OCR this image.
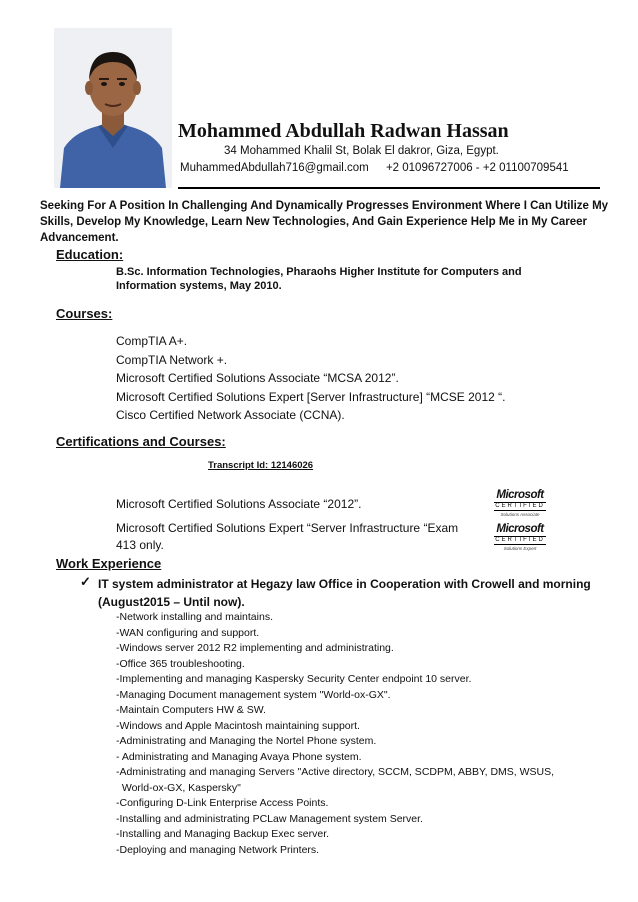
Mohammed Abdullah Radwan Hassan
34 Mohammed Khalil St, Bolak El dakror, Giza, Egypt.
MuhammedAbdullah716@gmail.com +2 01096727006 - +2 01100709541
Seeking For A Position In Challenging And Dynamically Progresses Environment Where I Can Utilize My Skills, Develop My Knowledge, Learn New Technologies, And Gain Experience Help Me in My Career Advancement.
Education:
B.Sc. Information Technologies, Pharaohs Higher Institute for Computers and Information systems, May 2010.
Courses:
CompTIA A+.
CompTIA Network +.
Microsoft Certified Solutions Associate “MCSA 2012”.
Microsoft Certified Solutions Expert [Server Infrastructure] “MCSE 2012 “.
Cisco Certified Network Associate (CCNA).
Certifications and Courses:
Transcript Id: 12146026
Microsoft Certified Solutions Associate “2012”.
Microsoft Certified Solutions Expert “Server Infrastructure “Exam 413 only.
Microsoft
CERTIFIED
Solutions Associate
Microsoft
CERTIFIED
Solutions Expert
Work Experience
✓ IT system administrator at Hegazy law Office in Cooperation with Crowell and morning (August2015 – Until now).
-Network installing and maintains.
-WAN configuring and support.
-Windows server 2012 R2 implementing and administrating.
-Office 365 troubleshooting.
-Implementing and managing Kaspersky Security Center endpoint 10 server.
-Managing Document management system "World-ox-GX".
-Maintain Computers HW & SW.
-Windows and Apple Macintosh maintaining support.
-Administrating and Managing the Nortel Phone system.
- Administrating and Managing Avaya Phone system.
-Administrating and managing Servers "Active directory, SCCM, SCDPM, ABBY, DMS, WSUS,
World-ox-GX, Kaspersky"
-Configuring D-Link Enterprise Access Points.
-Installing and administrating PCLaw Management system Server.
-Installing and Managing Backup Exec server.
-Deploying and managing Network Printers.
